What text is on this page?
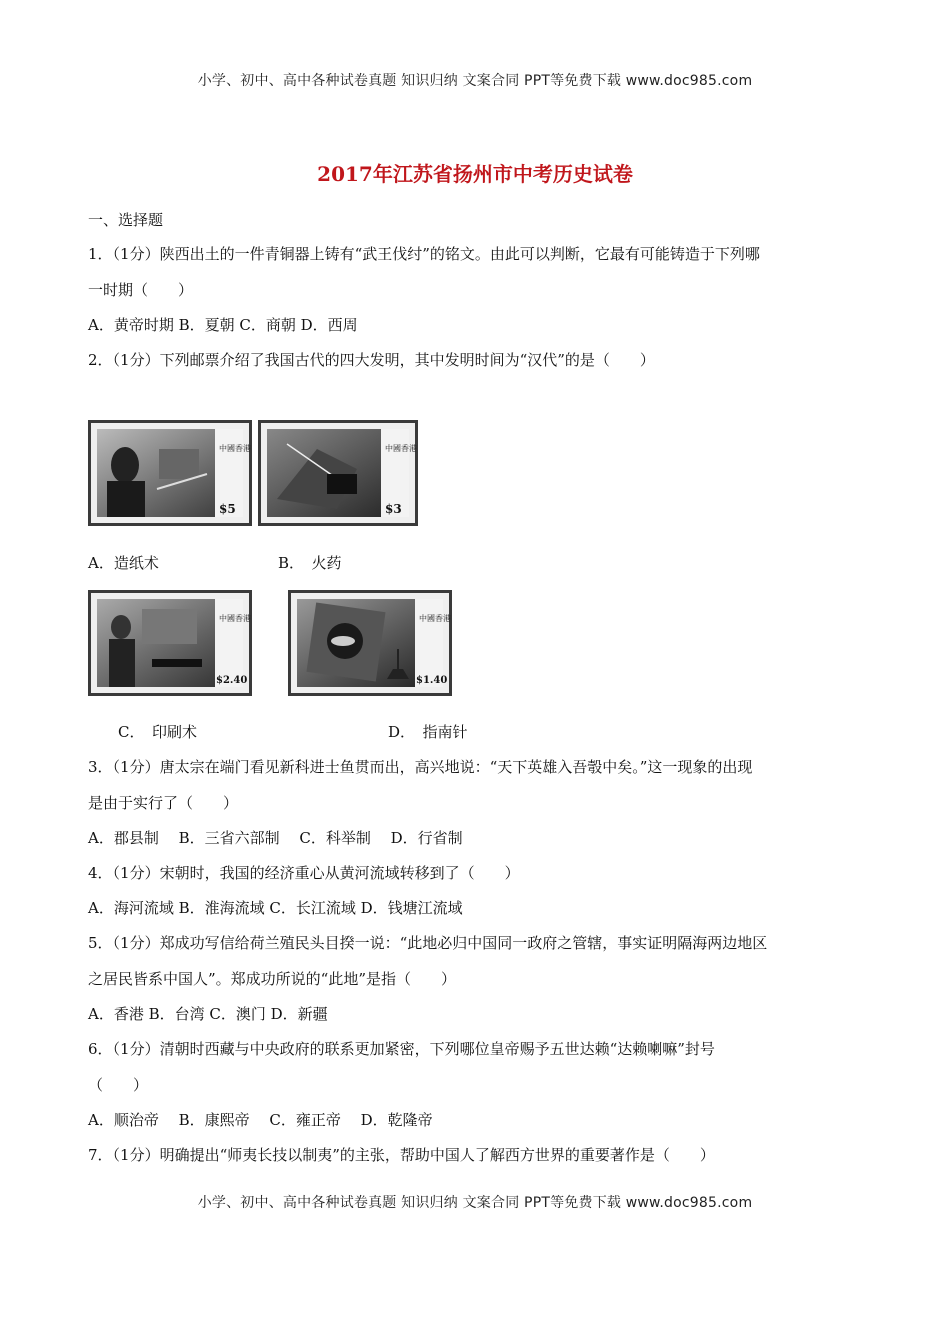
小学、初中、高中各种试卷真题 知识归纳 文案合同 PPT等免费下载 www.doc985.com
2017年江苏省扬州市中考历史试卷
一、选择题
1．（1分）陕西出土的一件青铜器上铸有“武王伐纣”的铭文。由此可以判断，它最有可能铸造于下列哪
一时期（　　）
A．黄帝时期 B．夏朝 C．商朝 D．西周
2．（1分）下列邮票介绍了我国古代的四大发明，其中发明时间为“汉代”的是（　　）
中國香港
$5
中國香港
$3
A．造纸术	B．　火药
中國香港
$2.40
中國香港
$1.40
C．　印刷术	D．　指南针
3．（1分）唐太宗在端门看见新科进士鱼贯而出，高兴地说：“天下英雄入吾彀中矣。”这一现象的出现
是由于实行了（　　）
A．郡县制　 B．三省六部制　 C．科举制　 D．行省制
4．（1分）宋朝时，我国的经济重心从黄河流域转移到了（　　）
A．海河流域 B．淮海流域 C．长江流域 D．钱塘江流域
5．（1分）郑成功写信给荷兰殖民头目揆一说：“此地必归中国同一政府之管辖，事实证明隔海两边地区
之居民皆系中国人”。郑成功所说的“此地”是指（　　）
A．香港 B．台湾 C．澳门 D．新疆
6．（1分）清朝时西藏与中央政府的联系更加紧密，下列哪位皇帝赐予五世达赖“达赖喇嘛”封号
（　　）
A．顺治帝　 B．康熙帝　 C．雍正帝　 D．乾隆帝
7．（1分）明确提出“师夷长技以制夷”的主张，帮助中国人了解西方世界的重要著作是（　　）
小学、初中、高中各种试卷真题 知识归纳 文案合同 PPT等免费下载 www.doc985.com
